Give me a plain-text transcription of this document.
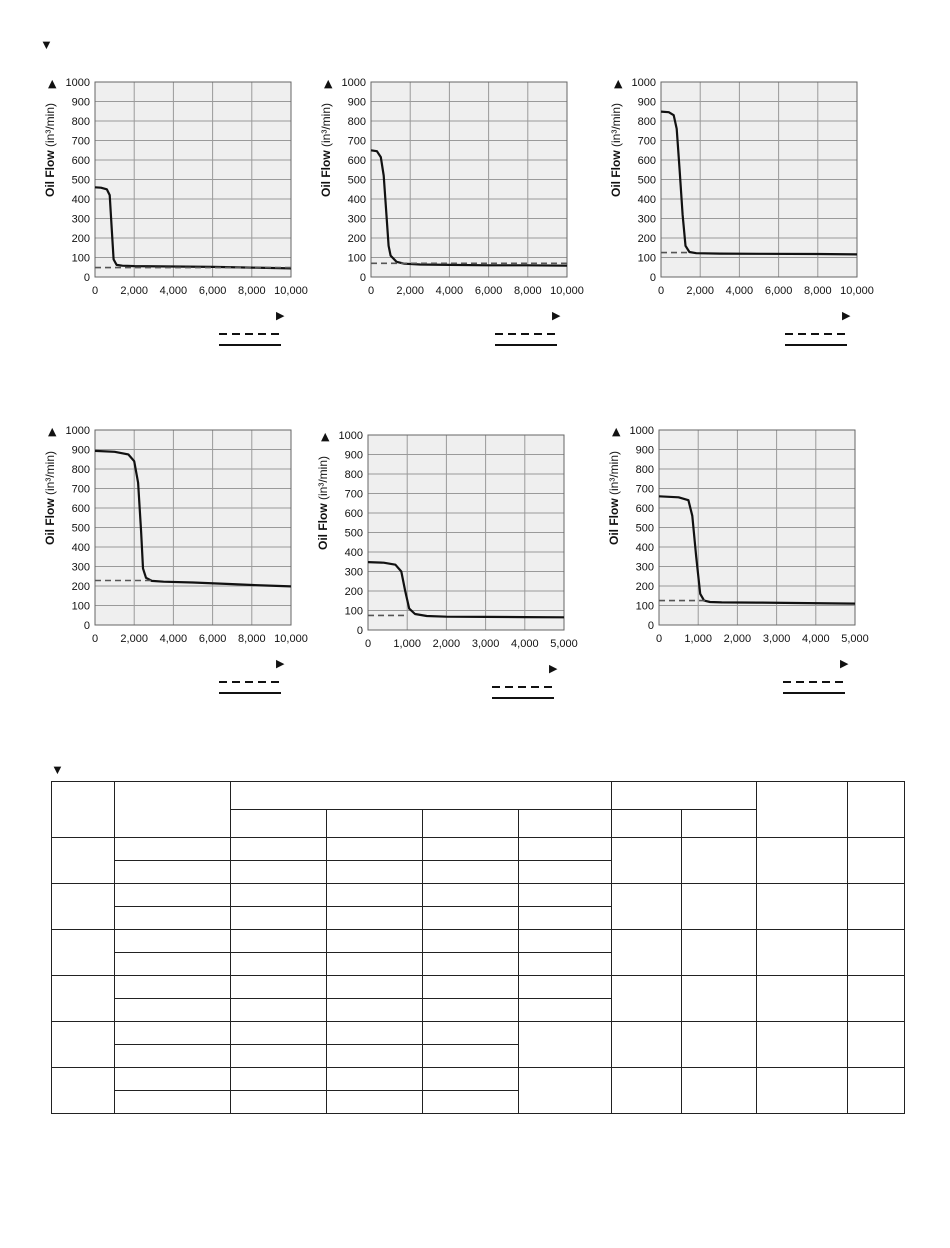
▼
0
100
200
300
400
500
600
700
800
900
1000
0 2,000 4,000 6,000 8,000 10,000
▲
▶
Oil Flow (in³/min)
0
100
200
300
400
500
600
700
800
900
1000
0 2,000 4,000 6,000 8,000 10,000
▲
▶
Oil Flow (in³/min)
0
100
200
300
400
500
600
700
800
900
1000
0 2,000 4,000 6,000 8,000 10,000
▲
▶
Oil Flow (in³/min)
0
100
200
300
400
500
600
700
800
900
1000
0 2,000 4,000 6,000 8,000 10,000
▲
▶
Oil Flow (in³/min)
0
100
200
300
400
500
600
700
800
900
1000
0 1,000 2,000 3,000 4,000 5,000
▲
▶
Oil Flow (in³/min)
0
100
200
300
400
500
600
700
800
900
1000
0 1,000 2,000 3,000 4,000 5,000
▲
▶
Oil Flow (in³/min)
▼
